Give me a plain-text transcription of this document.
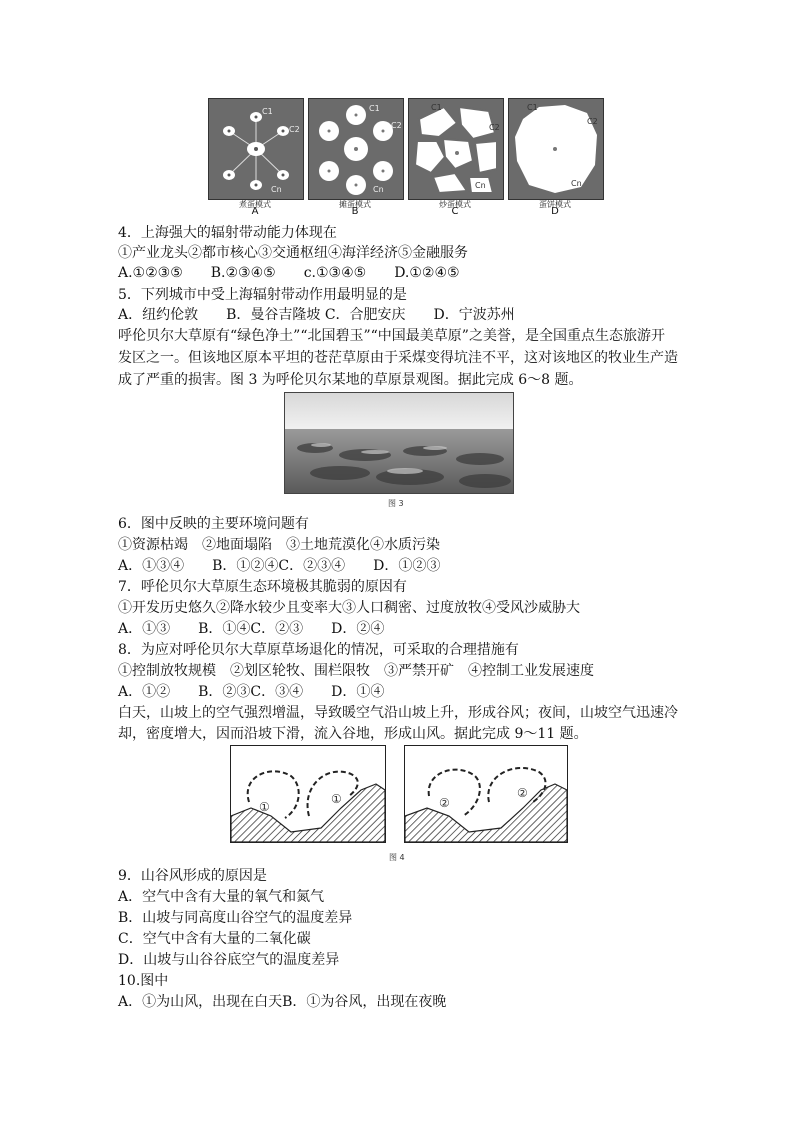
C1
C2
Cn
煮蛋模式
A
C1
C2
Cn
摊蛋模式
B
C1
C2
Cn
炒蛋模式
C
C1
C2
Cn
蛋饼模式
D
4．上海强大的辐射带动能力体现在
①产业龙头②都市核心③交通枢纽④海洋经济⑤金融服务
A.①②③⑤　　B.②③④⑤　　c.①③④⑤　　D.①②④⑤
5．下列城市中受上海辐射带动作用最明显的是
A．纽约伦敦　　B．曼谷吉隆坡 C．合肥安庆　　D．宁波苏州
呼伦贝尔大草原有“绿色净土”“北国碧玉”“中国最美草原”之美誉，是全国重点生态旅游开
发区之一。但该地区原本平坦的苍茫草原由于采煤变得坑洼不平，这对该地区的牧业生产造
成了严重的损害。图 3 为呼伦贝尔某地的草原景观图。据此完成 6～8 题。
图 3
6．图中反映的主要环境问题有
①资源枯竭　②地面塌陷　③土地荒漠化④水质污染
A．①③④　　B．①②④C．②③④　　D．①②③
7．呼伦贝尔大草原生态环境极其脆弱的原因有
①开发历史悠久②降水较少且变率大③人口稠密、过度放牧④受风沙威胁大
A．①③　　B．①④C．②③　　D．②④
8．为应对呼伦贝尔大草原草场退化的情况，可采取的合理措施有
①控制放牧规模　②划区轮牧、围栏限牧　③严禁开矿　④控制工业发展速度
A．①②　　B．②③C．③④　　D．①④
白天，山坡上的空气强烈增温，导致暖空气沿山坡上升，形成谷风；夜间，山坡空气迅速冷
却，密度增大，因而沿坡下滑，流入谷地，形成山风。据此完成 9～11 题。
①
①	②
②
图 4
9．山谷风形成的原因是
A．空气中含有大量的氧气和氮气
B．山坡与同高度山谷空气的温度差异
C．空气中含有大量的二氧化碳
D．山坡与山谷谷底空气的温度差异
10.图中
A．①为山风，出现在白天B．①为谷风，出现在夜晚
